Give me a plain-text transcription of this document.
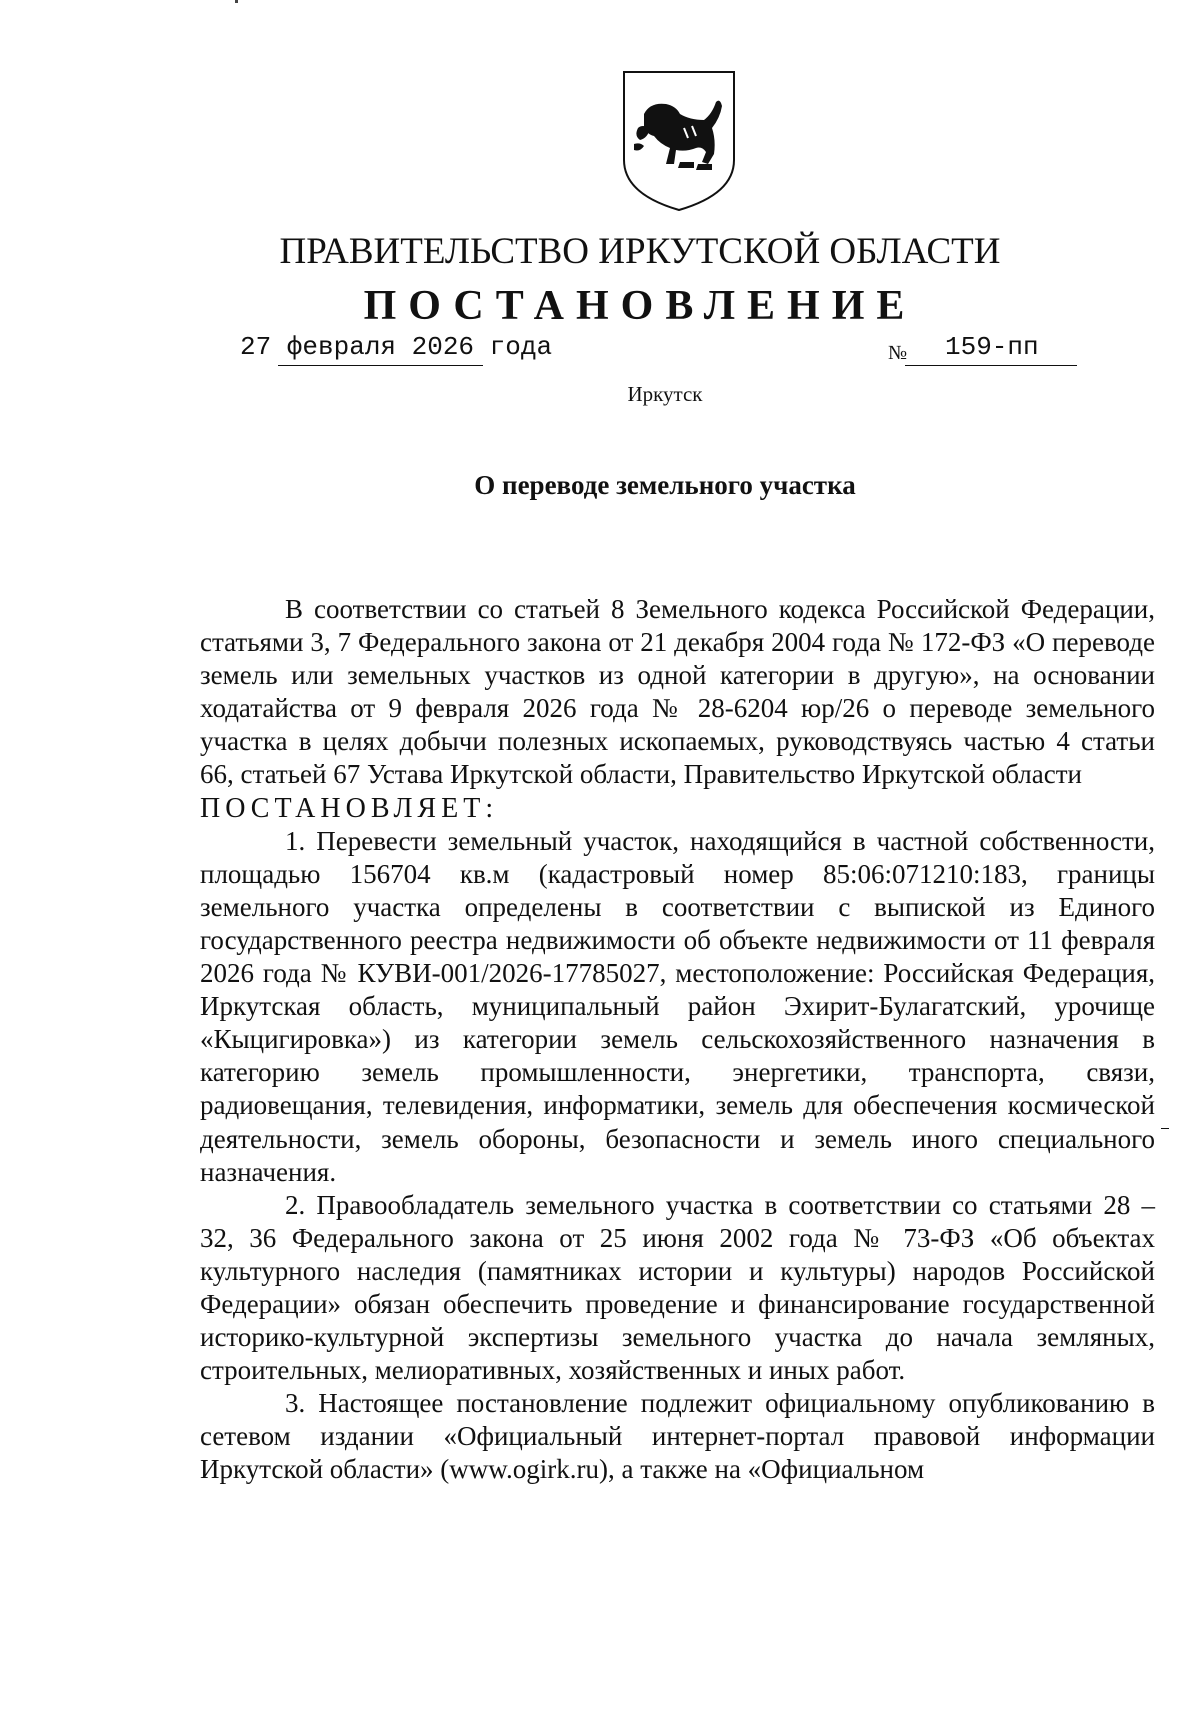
ПРАВИТЕЛЬСТВО ИРКУТСКОЙ ОБЛАСТИ
ПОСТАНОВЛЕНИЕ
27 февраля 2026 года	№ 159-пп
Иркутск
О переводе земельного участка

В соответствии со статьей 8 Земельного кодекса Российской Федерации, статьями 3, 7 Федерального закона от 21 декабря 2004 года № 172-ФЗ «О переводе земель или земельных участков из одной категории в другую», на основании ходатайства от 9 февраля 2026 года № 28-6204 юр/26 о переводе земельного участка в целях добычи полезных ископаемых, руководствуясь частью 4 статьи 66, статьей 67 Устава Иркутской области, Правительство Иркутской области

ПОСТАНОВЛЯЕТ:

1. Перевести земельный участок, находящийся в частной собственности, площадью 156704 кв.м (кадастровый номер 85:06:071210:183, границы земельного участка определены в соответствии с выпиской из Единого государственного реестра недвижимости об объекте недвижимости от 11 февраля 2026 года № КУВИ-001/2026-17785027, местоположение: Российская Федерация, Иркутская область, муниципальный район Эхирит-Булагатский, урочище «Кыцигировка») из категории земель сельскохозяйственного назначения в категорию земель промышленности, энергетики, транспорта, связи, радиовещания, телевидения, информатики, земель для обеспечения космической деятельности, земель обороны, безопасности и земель иного специального назначения.

2. Правообладатель земельного участка в соответствии со статьями 28 – 32, 36 Федерального закона от 25 июня 2002 года № 73-ФЗ «Об объектах культурного наследия (памятниках истории и культуры) народов Российской Федерации» обязан обеспечить проведение и финансирование государственной историко-культурной экспертизы земельного участка до начала земляных, строительных, мелиоративных, хозяйственных и иных работ.

3. Настоящее постановление подлежит официальному опубликованию в сетевом издании «Официальный интернет-портал правовой информации Иркутской области» (www.ogirk.ru), а также на «Официальном
